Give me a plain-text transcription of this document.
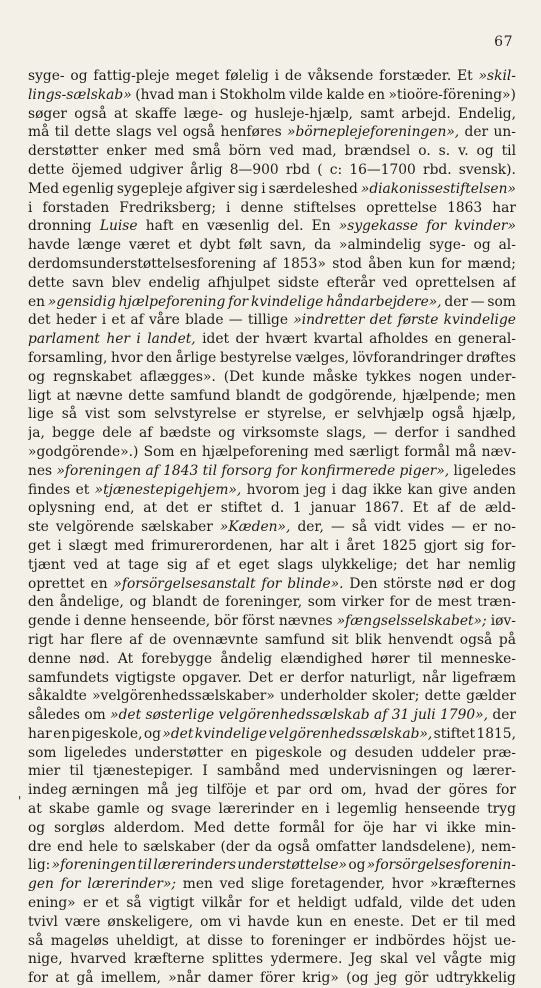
67
'
syge- og fattig-pleje meget følelig i de våksende forstæder. Et »skil-
lings-sælskab» (hvad man i Stokholm vilde kalde en »tioöre-förening»)
søger også at skaffe læge- og husleje-hjælp, samt arbejd. Endelig,
må til dette slags vel også henføres »börneplejeforeningen», der un-
derstøtter enker med små börn ved mad, brændsel o. s. v. og til
dette öjemed udgiver årlig 8—900 rbd ( c: 16—1700 rbd. svensk).
Med egenlig sygepleje afgiver sig i særdeleshed »diakonissestiftelsen»
i forstaden Fredriksberg; i denne stiftelses oprettelse 1863 har
dronning Luise haft en væsenlig del. En »sygekasse for kvinder»
havde længe været et dybt følt savn, da »almindelig syge- og al-
derdomsunderstøttelsesforening af 1853» stod åben kun for mænd;
dette savn blev endelig afhjulpet sidste efterår ved oprettelsen af
en »gensidig hjælpeforening for kvindelige håndarbejdere», der — som
det heder i et af våre blade — tillige »indretter det første kvindelige
parlament her i landet, idet der hvært kvartal afholdes en general-
forsamling, hvor den årlige bestyrelse vælges, lövforandringer drøftes
og regnskabet aflægges». (Det kunde måske tykkes nogen under-
ligt at nævne dette samfund blandt de godgörende, hjælpende; men
lige så vist som selvstyrelse er styrelse, er selvhjælp også hjælp,
ja, begge dele af bædste og virksomste slags, — derfor i sandhed
»godgörende».) Som en hjælpeforening med særligt formål må næv-
nes »foreningen af 1843 til forsorg for konfirmerede piger», ligeledes
findes et »tjænestepigehjem», hvorom jeg i dag ikke kan give anden
oplysning end, at det er stiftet d. 1 januar 1867. Et af de æld-
ste velgörende sælskaber »Kæden», der, — så vidt vides — er no-
get i slægt med frimurerordenen, har alt i året 1825 gjort sig for-
tjænt ved at tage sig af et eget slags ulykkelige; det har nemlig
oprettet en »forsörgelsesanstalt for blinde». Den störste nød er dog
den åndelige, og blandt de foreninger, som virker for de mest træn-
gende i denne henseende, bör först nævnes »fængselsselskabet»; iøv-
rigt har flere af de ovennævnte samfund sit blik henvendt også på
denne nød. At forebygge åndelig elændighed hører til menneske-
samfundets vigtigste opgaver. Det er derfor naturligt, når ligefræm
såkaldte »velgörenhedssælskaber» underholder skoler; dette gælder
således om »det søsterlige velgörenhedssælskab af 31 juli 1790», der
har en pigeskole, og »det kvindelige velgörenhedssælskab», stiftet 1815,
som ligeledes understøtter en pigeskole og desuden uddeler præ-
mier til tjænestepiger. I sambånd med undervisningen og lærer-
indeg ærningen må jeg tilföje et par ord om, hvad der göres for
at skabe gamle og svage lærerinder en i legemlig henseende tryg
og sorgløs alderdom. Med dette formål for öje har vi ikke min-
dre end hele to sælskaber (der da også omfatter landsdelene), nem-
lig: »foreningen til lærerinders understøttelse» og »forsörgelsesforenin-
gen for lærerinder»; men ved slige foretagender, hvor »kræfternes
enіng» er et så vigtigt vilkår for et heldigt udfald, vilde det uden
tvivl være ønskeligere, om vi havde kun en eneste. Det er til med
så mageløs uheldigt, at disse to foreninger er indbördes höjst ue-
nige, hvarved kræfterne splittes ydermere. Jeg skal vel vågte mig
for at gå imellem, »når damer förer krig» (og jeg gör udtrykkelig
